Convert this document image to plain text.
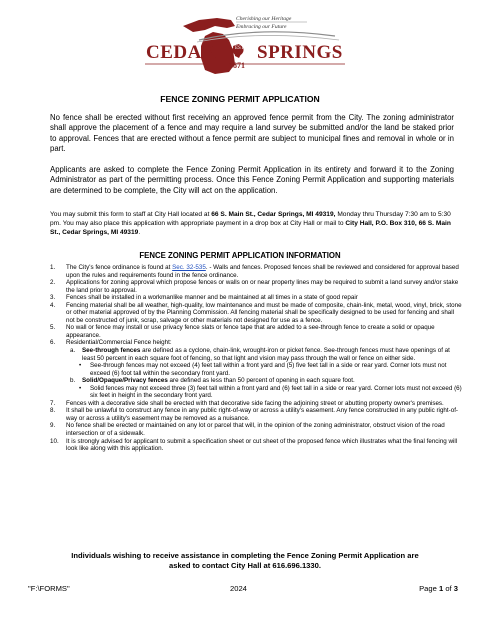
Cherishing our Heritage
Embracing our Future
CEDAR	EST SPRINGS
1871
FENCE ZONING PERMIT APPLICATION

No fence shall be erected without first receiving an approved fence permit from the City. The zoning administrator shall approve the placement of a fence and may require a land survey be submitted and/or the land be staked prior to approval. Fences that are erected without a fence permit are subject to municipal fines and removal in whole or in part.

Applicants are asked to complete the Fence Zoning Permit Application in its entirety and forward it to the Zoning Administrator as part of the permitting process. Once this Fence Zoning Permit Application and supporting materials are determined to be complete, the City will act on the application.

You may submit this form to staff at City Hall located at 66 S. Main St., Cedar Springs, MI 49319, Monday thru Thursday 7:30 am to 5:30 pm. You may also place this application with appropriate payment in a drop box at City Hall or mail to City Hall, P.O. Box 310, 66 S. Main St., Cedar Springs, MI 49319.

FENCE ZONING PERMIT APPLICATION INFORMATION
1. The City's fence ordinance is found at Sec. 32-535. - Walls and fences. Proposed fences shall be reviewed and considered for approval based upon the rules and requirements found in the fence ordinance.
2. Applications for zoning approval which propose fences or walls on or near property lines may be required to submit a land survey and/or stake the land prior to approval.
3. Fences shall be installed in a workmanlike manner and be maintained at all times in a state of good repair
4. Fencing material shall be all weather, high-quality, low maintenance and must be made of composite, chain-link, metal, wood, vinyl, brick, stone or other material approved of by the Planning Commission. All fencing material shall be specifically designed to be used for fencing and shall not be constructed of junk, scrap, salvage or other materials not designed for use as a fence.
5. No wall or fence may install or use privacy fence slats or fence tape that are added to a see-through fence to create a solid or opaque appearance.
6. Residential/Commercial Fence height:
a. See-through fences are defined as a cyclone, chain-link, wrought-iron or picket fence. See-through fences must have openings of at least 50 percent in each square foot of fencing, so that light and vision may pass through the wall or fence on either side.
• See-through fences may not exceed (4) feet tall within a front yard and (5) five feet tall in a side or rear yard. Corner lots must not exceed (6) foot tall within the secondary front yard.
b. Solid/Opaque/Privacy fences are defined as less than 50 percent of opening in each square foot.
• Solid fences may not exceed three (3) feet tall within a front yard and (6) feet tall in a side or rear yard. Corner lots must not exceed (6) six feet in height in the secondary front yard.
7. Fences with a decorative side shall be erected with that decorative side facing the adjoining street or abutting property owner's premises.
8. It shall be unlawful to construct any fence in any public right-of-way or across a utility's easement. Any fence constructed in any public right-of-way or across a utility's easement may be removed as a nuisance.
9. No fence shall be erected or maintained on any lot or parcel that will, in the opinion of the zoning administrator, obstruct vision of the road intersection or of a sidewalk.
10. It is strongly advised for applicant to submit a specification sheet or cut sheet of the proposed fence which illustrates what the final fencing will look like along with this application.
Individuals wishing to receive assistance in completing the Fence Zoning Permit Application are asked to contact City Hall at 616.696.1330.
"F:\FORMS"	2024	Page 1 of 3
